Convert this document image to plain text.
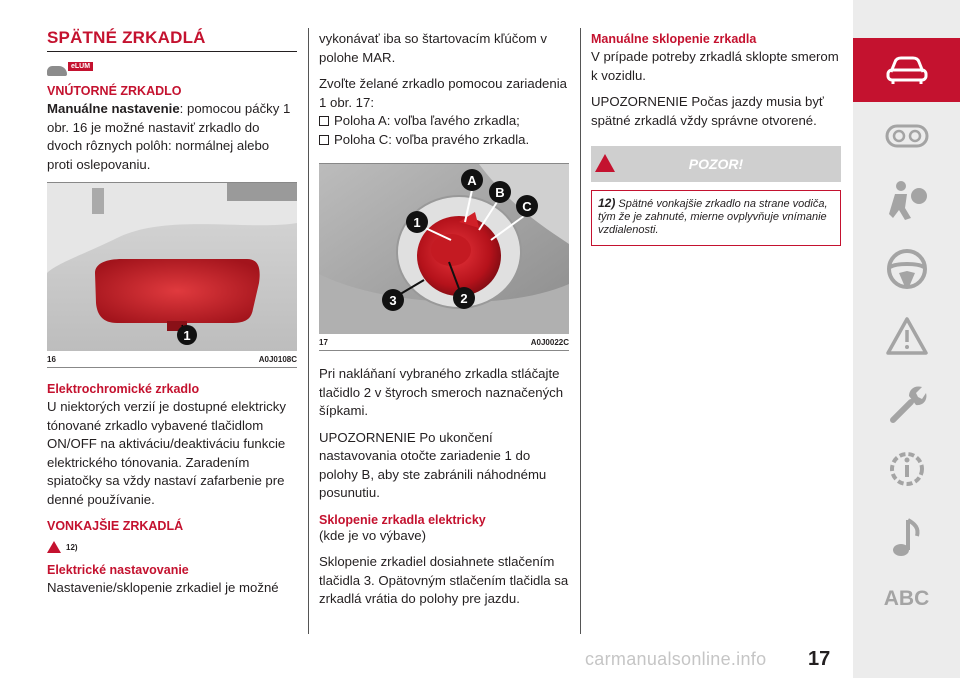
SPÄTNÉ ZRKADLÁ
eLUM
VNÚTORNÉ ZRKADLO
Manuálne nastavenie: pomocou páčky 1 obr. 16 je možné nastaviť zrkadlo do dvoch rôznych polôh: normálnej alebo proti oslepovaniu.
1
16	A0J0108C
Elektrochromické zrkadlo
U niektorých verzií je dostupné elektricky tónované zrkadlo vybavené tlačidlom ON/OFF na aktiváciu/deaktiváciu funkcie elektrického tónovania. Zaradením spiatočky sa vždy nastaví zafarbenie pre denné používanie.
VONKAJŠIE ZRKADLÁ
12)
Elektrické nastavovanie
Nastavenie/sklopenie zrkadiel je možné
vykonávať iba so štartovacím kľúčom v polohe MAR.
Zvoľte želané zrkadlo pomocou zariadenia 1 obr. 17:
Poloha A: voľba ľavého zrkadla;
Poloha C: voľba pravého zrkadla.
A
B
C
1
2
3
17	A0J0022C
Pri nakláňaní vybraného zrkadla stláčajte tlačidlo 2 v štyroch smeroch naznačených šípkami.
UPOZORNENIE Po ukončení nastavovania otočte zariadenie 1 do polohy B, aby ste zabránili náhodnému posunutiu.
Sklopenie zrkadla elektricky
(kde je vo výbave)
Sklopenie zrkadiel dosiahnete stlačením tlačidla 3. Opätovným stlačením tlačidla sa zrkadlá vrátia do polohy pre jazdu.
Manuálne sklopenie zrkadla
V prípade potreby zrkadlá sklopte smerom k vozidlu.
UPOZORNENIE Počas jazdy musia byť spätné zrkadlá vždy správne otvorené.
POZOR!
12) Spätné vonkajšie zrkadlo na strane vodiča, tým že je zahnuté, mierne ovplyvňuje vnímanie vzdialenosti.
ABC
17
carmanualsonline.info
